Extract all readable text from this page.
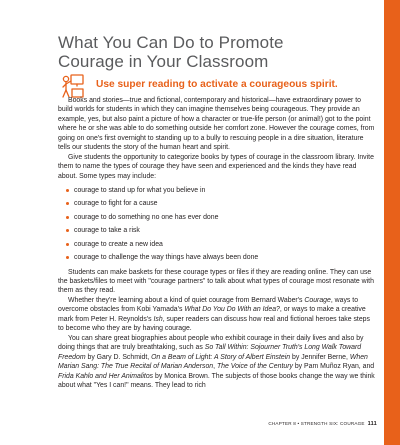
What You Can Do to Promote
Courage in Your Classroom
Use super reading to activate a courageous spirit.

Books and stories—true and fictional, contemporary and historical—have extraordinary power to build worlds for students in which they can imagine themselves being courageous. They provide an example, yes, but also paint a picture of how a character or true-life person (or animal!) got to the point where he or she was able to do something outside her comfort zone. However the courage comes, from going on one's first overnight to standing up to a bully to rescuing people in a dire situation, literature tells our students the story of the human heart and spirit.

Give students the opportunity to categorize books by types of courage in the classroom library. Invite them to name the types of courage they have seen and experienced and the kinds they have read about. Some types may include:

courage to stand up for what you believe in
courage to fight for a cause
courage to do something no one has ever done
courage to take a risk
courage to create a new idea
courage to challenge the way things have always been done

Students can make baskets for these courage types or files if they are reading online. They can use the baskets/files to meet with "courage partners" to talk about what types of courage most resonate with them as they read.

Whether they're learning about a kind of quiet courage from Bernard Waber's Courage, ways to overcome obstacles from Kobi Yamada's What Do You Do With an Idea?, or ways to make a creative mark from Peter H. Reynolds's Ish, super readers can discuss how real and fictional heroes take steps to become who they are by having courage.

You can share great biographies about people who exhibit courage in their daily lives and also by doing things that are truly breathtaking, such as So Tall Within: Sojourner Truth's Long Walk Toward Freedom by Gary D. Schmidt, On a Beam of Light: A Story of Albert Einstein by Jennifer Berne, When Marian Sang: The True Recital of Marian Anderson, The Voice of the Century by Pam Muñoz Ryan, and Frida Kahlo and Her Animalitos by Monica Brown. The subjects of those books change the way we think about what "Yes I can!" means. They lead to rich

CHAPTER 8 • STRENGTH SIX: COURAGE 111
